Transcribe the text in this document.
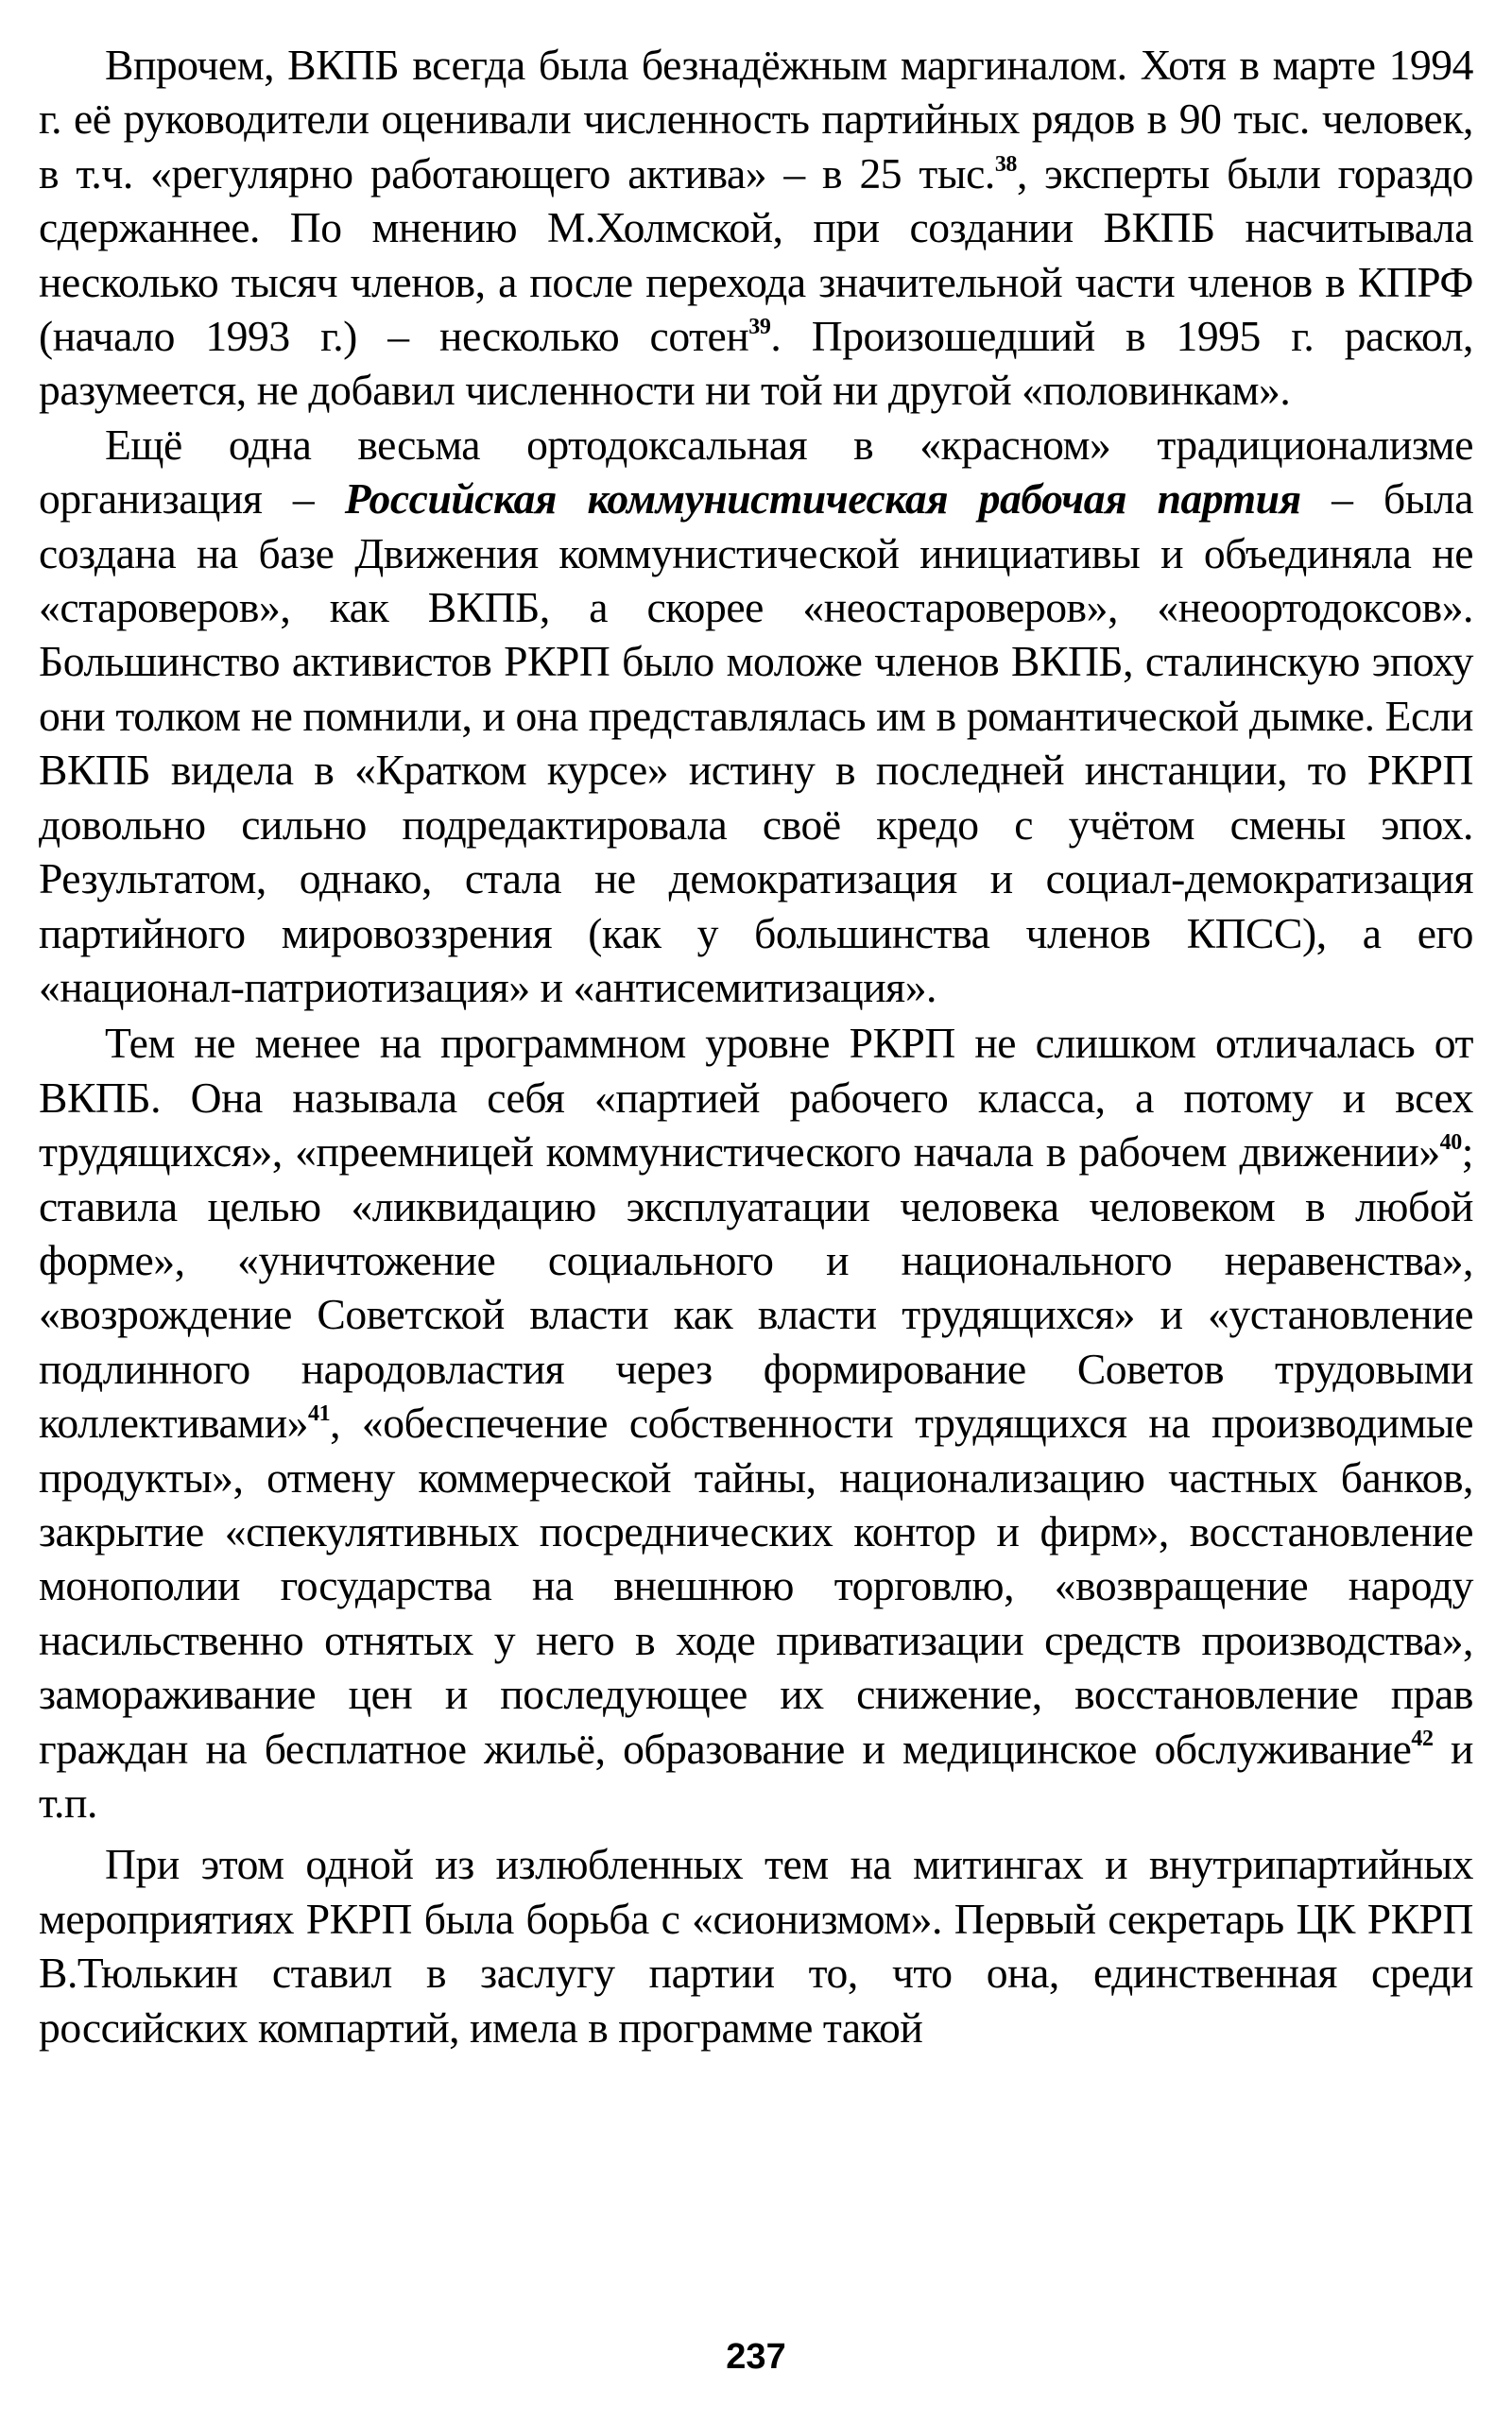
Впрочем, ВКПБ всегда была безнадёжным маргиналом. Хотя в марте 1994 г. её руководители оценивали численность партийных рядов в 90 тыс. человек, в т.ч. «регулярно работающего актива» – в 25 тыс.$^{38}$, эксперты были гораздо сдержаннее. По мнению М.Холмской, при создании ВКПБ насчитывала несколько тысяч членов, а после перехода значительной части членов в КПРФ (начало 1993 г.) – несколько сотен$^{39}$. Произошедший в 1995 г. раскол, разумеется, не добавил численности ни той ни другой «половинкам».

Ещё одна весьма ортодоксальная в «красном» традиционализме организация – Российская коммунистическая рабочая партия – была создана на базе Движения коммунистической инициативы и объединяла не «староверов», как ВКПБ, а скорее «неостароверов», «неоортодоксов». Большинство активистов РКРП было моложе членов ВКПБ, сталинскую эпоху они толком не помнили, и она представлялась им в романтической дымке. Если ВКПБ видела в «Кратком курсе» истину в последней инстанции, то РКРП довольно сильно подредактировала своё кредо с учётом смены эпох. Результатом, однако, стала не демократизация и социал-демократизация партийного мировоззрения (как у большинства членов КПСС), а его «национал-патриотизация» и «антисемитизация».

Тем не менее на программном уровне РКРП не слишком отличалась от ВКПБ. Она называла себя «партией рабочего класса, а потому и всех трудящихся», «преемницей коммунистического начала в рабочем движении»$^{40}$; ставила целью «ликвидацию эксплуатации человека человеком в любой форме», «уничтожение социального и национального неравенства», «возрождение Советской власти как власти трудящихся» и «установление подлинного народовластия через формирование Советов трудовыми коллективами»$^{41}$, «обеспечение собственности трудящихся на производимые продукты», отмену коммерческой тайны, национализацию частных банков, закрытие «спекулятивных посреднических контор и фирм», восстановление монополии государства на внешнюю торговлю, «возвращение народу насильственно отнятых у него в ходе приватизации средств производства», замораживание цен и последующее их снижение, восстановление прав граждан на бесплатное жильё, образование и медицинское обслуживание$^{42}$ и т.п.

При этом одной из излюбленных тем на митингах и внутрипартийных мероприятиях РКРП была борьба с «сионизмом». Первый секретарь ЦК РКРП В.Тюлькин ставил в заслугу партии то, что она, единственная среди российских компартий, имела в программе такой

237
